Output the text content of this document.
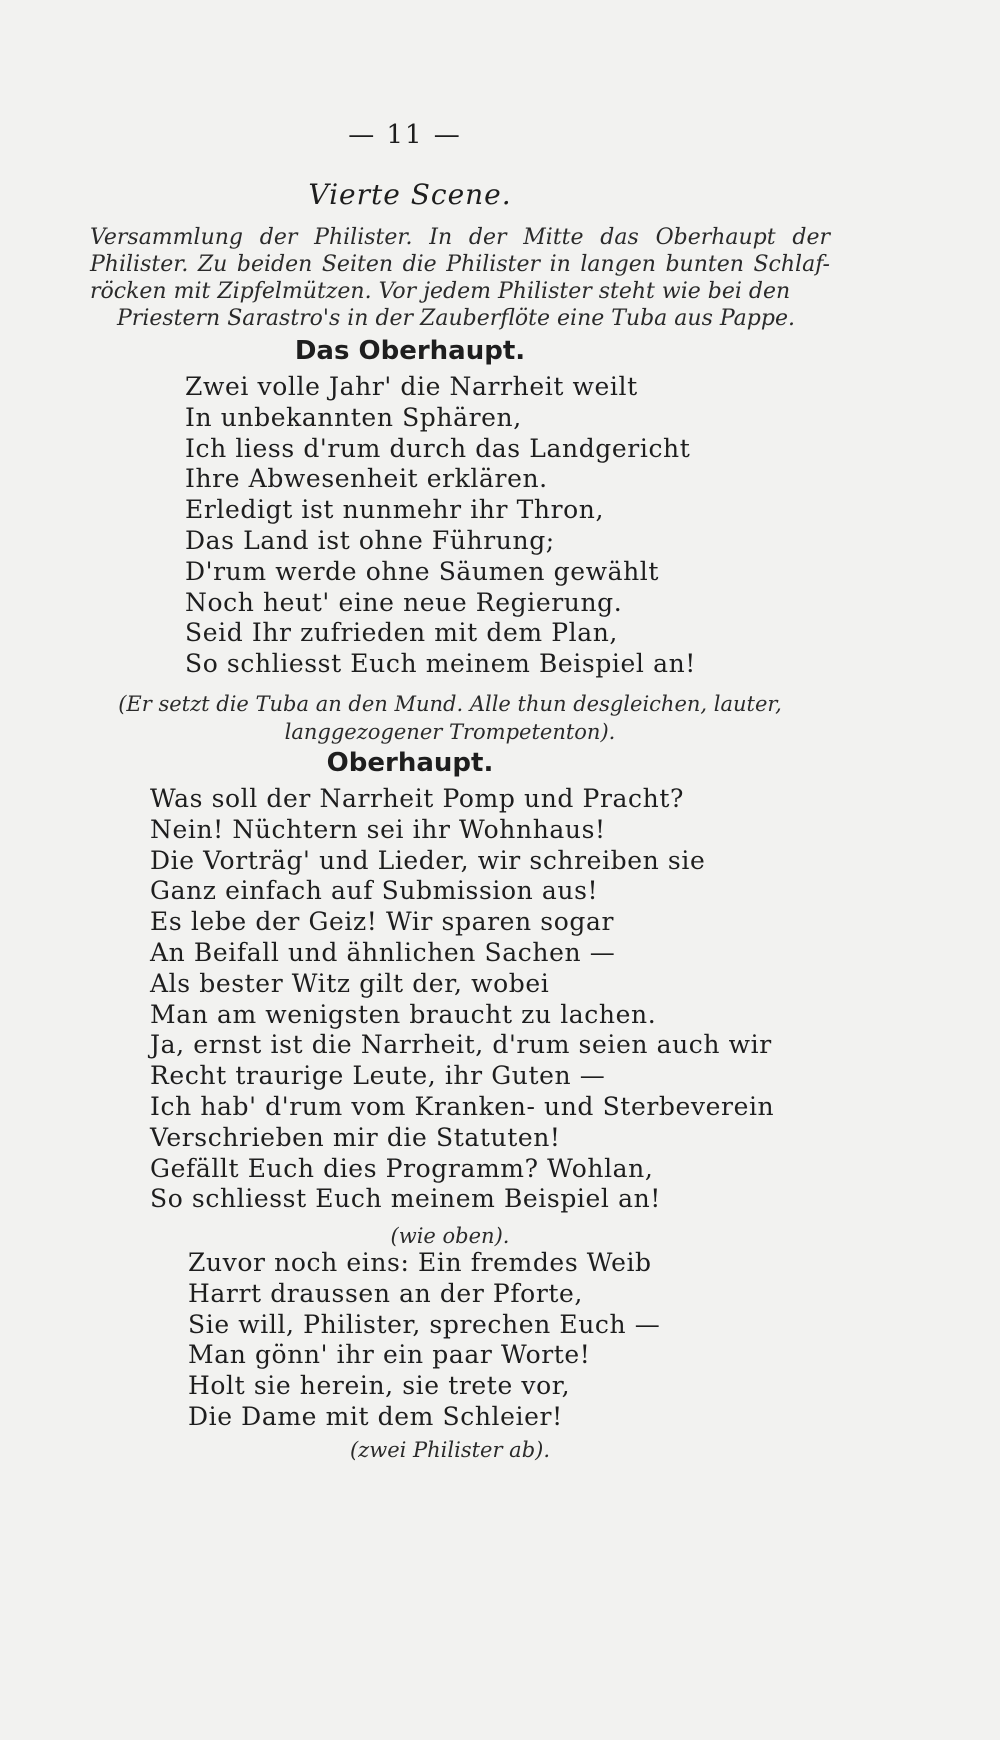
— 11 —
Vierte Scene.
Versammlung der Philister. In der Mitte das Oberhaupt der Philister. Zu beiden Seiten die Philister in langen bunten Schlaf- röcken mit Zipfelmützen. Vor jedem Philister steht wie bei den
Priestern Sarastro's in der Zauberflöte eine Tuba aus Pappe.
Das Oberhaupt.
Zwei volle Jahr' die Narrheit weilt
In unbekannten Sphären,
Ich liess d'rum durch das Landgericht
Ihre Abwesenheit erklären.
Erledigt ist nunmehr ihr Thron,
Das Land ist ohne Führung;
D'rum werde ohne Säumen gewählt
Noch heut' eine neue Regierung.
Seid Ihr zufrieden mit dem Plan,
So schliesst Euch meinem Beispiel an!
(Er setzt die Tuba an den Mund. Alle thun desgleichen, lauter,
langgezogener Trompetenton).
Oberhaupt.
Was soll der Narrheit Pomp und Pracht?
Nein! Nüchtern sei ihr Wohnhaus!
Die Vorträg' und Lieder, wir schreiben sie
Ganz einfach auf Submission aus!
Es lebe der Geiz! Wir sparen sogar
An Beifall und ähnlichen Sachen —
Als bester Witz gilt der, wobei
Man am wenigsten braucht zu lachen.
Ja, ernst ist die Narrheit, d'rum seien auch wir
Recht traurige Leute, ihr Guten —
Ich hab' d'rum vom Kranken- und Sterbeverein
Verschrieben mir die Statuten!
Gefällt Euch dies Programm? Wohlan,
So schliesst Euch meinem Beispiel an!
(wie oben).
Zuvor noch eins: Ein fremdes Weib
Harrt draussen an der Pforte,
Sie will, Philister, sprechen Euch —
Man gönn' ihr ein paar Worte!
Holt sie herein, sie trete vor,
Die Dame mit dem Schleier!
(zwei Philister ab).
